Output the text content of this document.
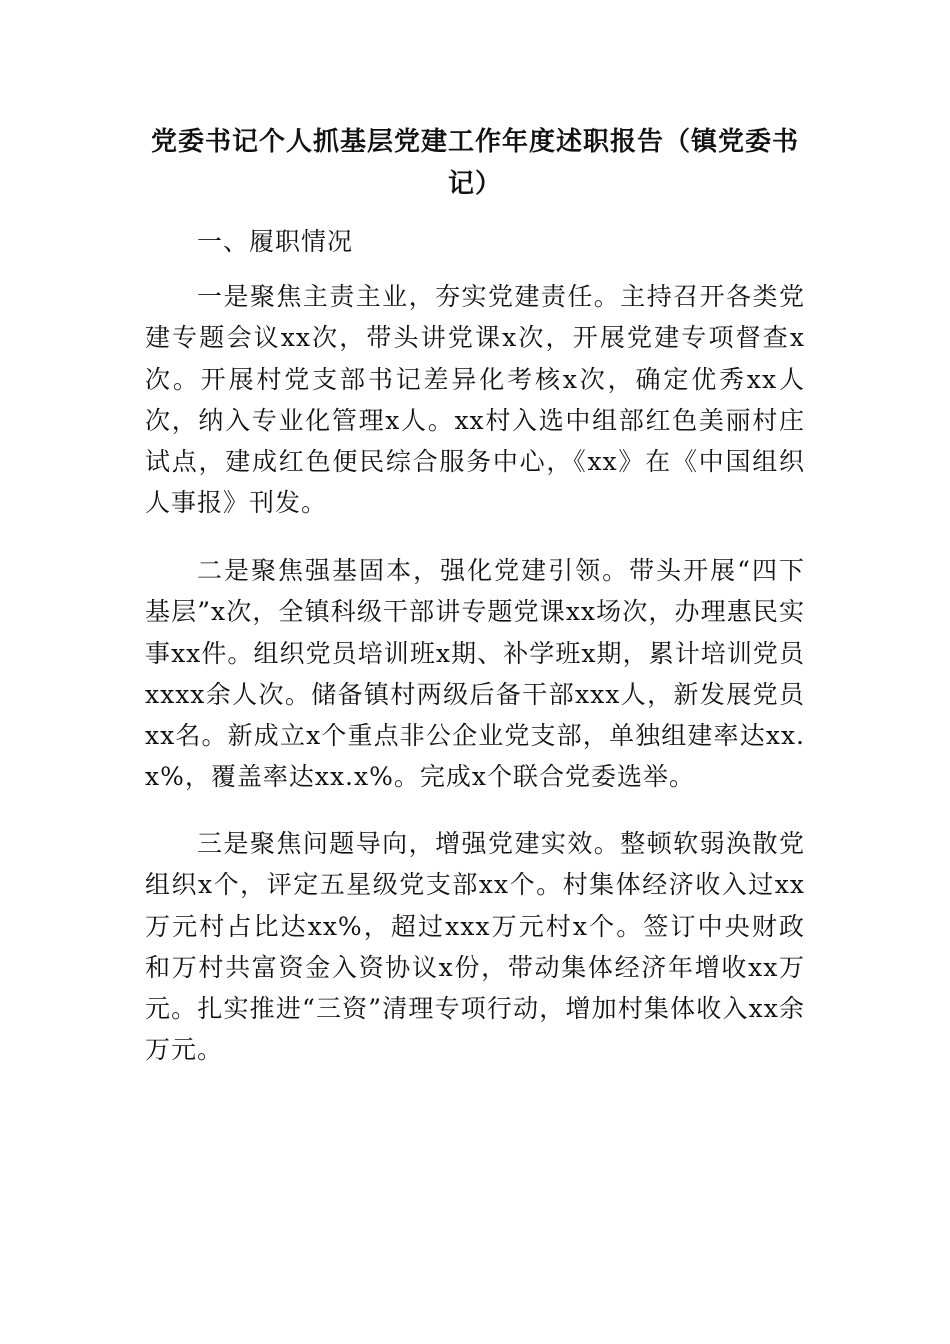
党委书记个人抓基层党建工作年度述职报告（镇党委书记）
一、履职情况
一是聚焦主责主业，夯实党建责任。主持召开各类党建专题会议xx次，带头讲党课x次，开展党建专项督查x次。开展村党支部书记差异化考核x次，确定优秀xx人次，纳入专业化管理x人。xx村入选中组部红色美丽村庄试点，建成红色便民综合服务中心，《xx》在《中国组织人事报》刊发。
二是聚焦强基固本，强化党建引领。带头开展“四下基层”x次，全镇科级干部讲专题党课xx场次，办理惠民实事xx件。组织党员培训班x期、补学班x期，累计培训党员xxxx余人次。储备镇村两级后备干部xxx人，新发展党员xx名。新成立x个重点非公企业党支部，单独组建率达xx.x%，覆盖率达xx.x%。完成x个联合党委选举。
三是聚焦问题导向，增强党建实效。整顿软弱涣散党组织x个，评定五星级党支部xx个。村集体经济收入过xx万元村占比达xx%，超过xxx万元村x个。签订中央财政和万村共富资金入资协议x份，带动集体经济年增收xx万元。扎实推进“三资”清理专项行动，增加村集体收入xx余万元。
